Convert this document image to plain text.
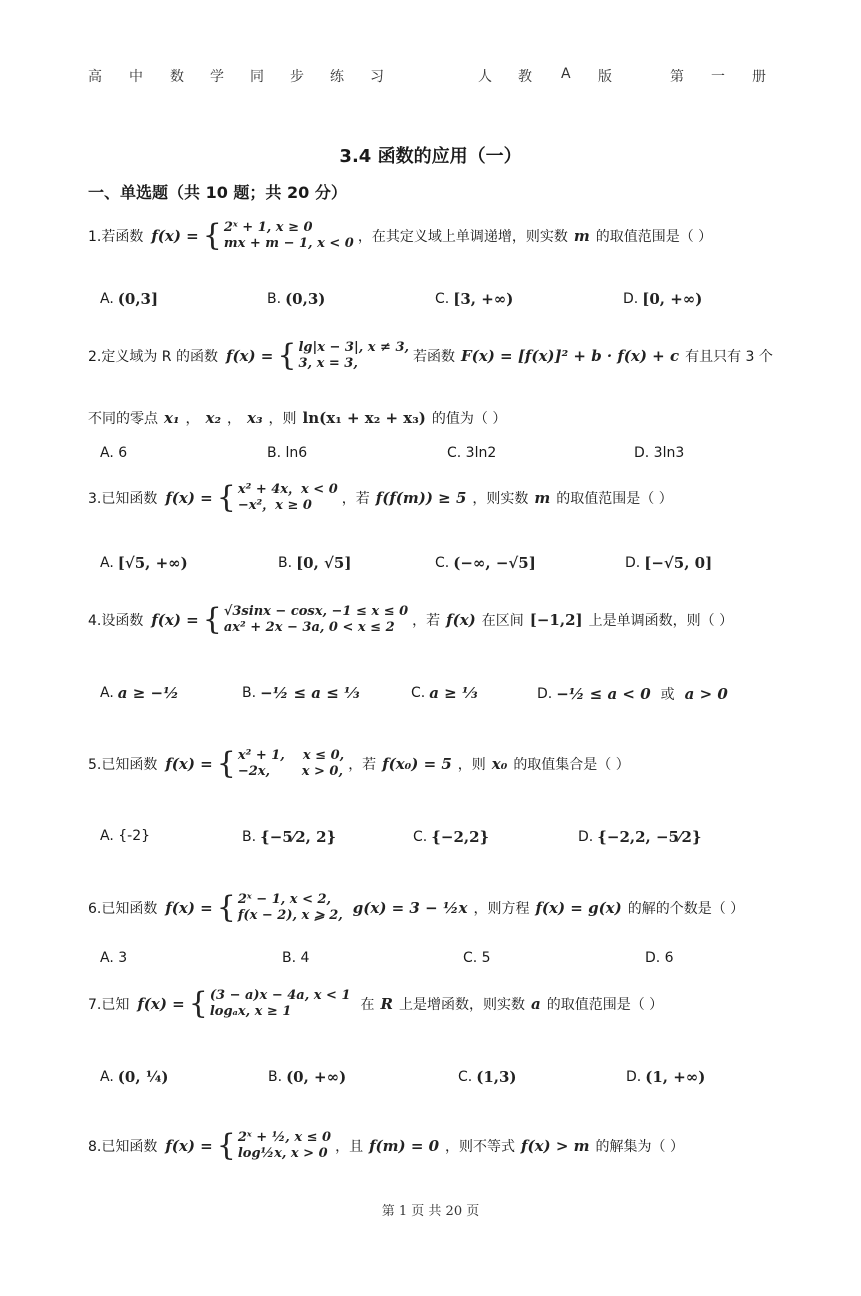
高 中 数 学 同 步 练 习	人 教 A 版	第 一 册
3.4 函数的应用（一）
一、单选题（共 10 题；共 20 分）
1.若函数 f(x) = { 2ˣ + 1, x ≥ 0
mx + m − 1, x < 0 ，在其定义域上单调递增，则实数 m 的取值范围是（ ）
A. (0,3]	B. (0,3)	C. [3, +∞)	D. [0, +∞)
2.定义域为 R 的函数 f(x) = { lg|x − 3|, x ≠ 3,
3, x = 3,	若函数 F(x) = [f(x)]² + b · f(x) + c 有且只有 3 个
不同的零点 x₁ ， x₂ ， x₃ ，则 ln(x₁ + x₂ + x₃) 的值为（ ）
A. 6	B. ln6	C. 3ln2	D. 3ln3
3.已知函数 f(x) = { x² + 4x，x < 0
−x²，x ≥ 0	，若 f(f(m)) ≥ 5 ，则实数 m 的取值范围是（ ）
A. [√5, +∞)	B. [0, √5]	C. (−∞, −√5]	D. [−√5, 0]
4.设函数 f(x) = { √3sinx − cosx, −1 ≤ x ≤ 0
ax² + 2x − 3a, 0 < x ≤ 2	，若 f(x) 在区间 [−1,2] 上是单调函数，则（ ）
A. a ≥ −½	B. −½ ≤ a ≤ ⅓	C. a ≥ ⅓	D. −½ ≤ a < 0 或 a > 0
5.已知函数 f(x) = { x² + 1,    x ≤ 0,
−2x,       x > 0, ，若 f(x₀) = 5 ，则 x₀ 的取值集合是（ ）
A. {-2}	B. {−5⁄2, 2}	C. {−2,2}	D. {−2,2, −5⁄2}
6.已知函数 f(x) = { 2ˣ − 1, x < 2,
f(x − 2), x ⩾ 2, g(x) = 3 − ½x ，则方程 f(x) = g(x) 的解的个数是（ ）
A. 3	B. 4	C. 5	D. 6
7.已知 f(x) = { (3 − a)x − 4a, x < 1
logₐx, x ≥ 1	在 R 上是增函数，则实数 a 的取值范围是（ ）
A. (0, ¼)	B. (0, +∞)	C. (1,3)	D. (1, +∞)
8.已知函数 f(x) = { 2ˣ + ½, x ≤ 0
log½x, x > 0 ，且 f(m) = 0 ，则不等式 f(x) > m 的解集为（ ）
第 1 页 共 20 页
